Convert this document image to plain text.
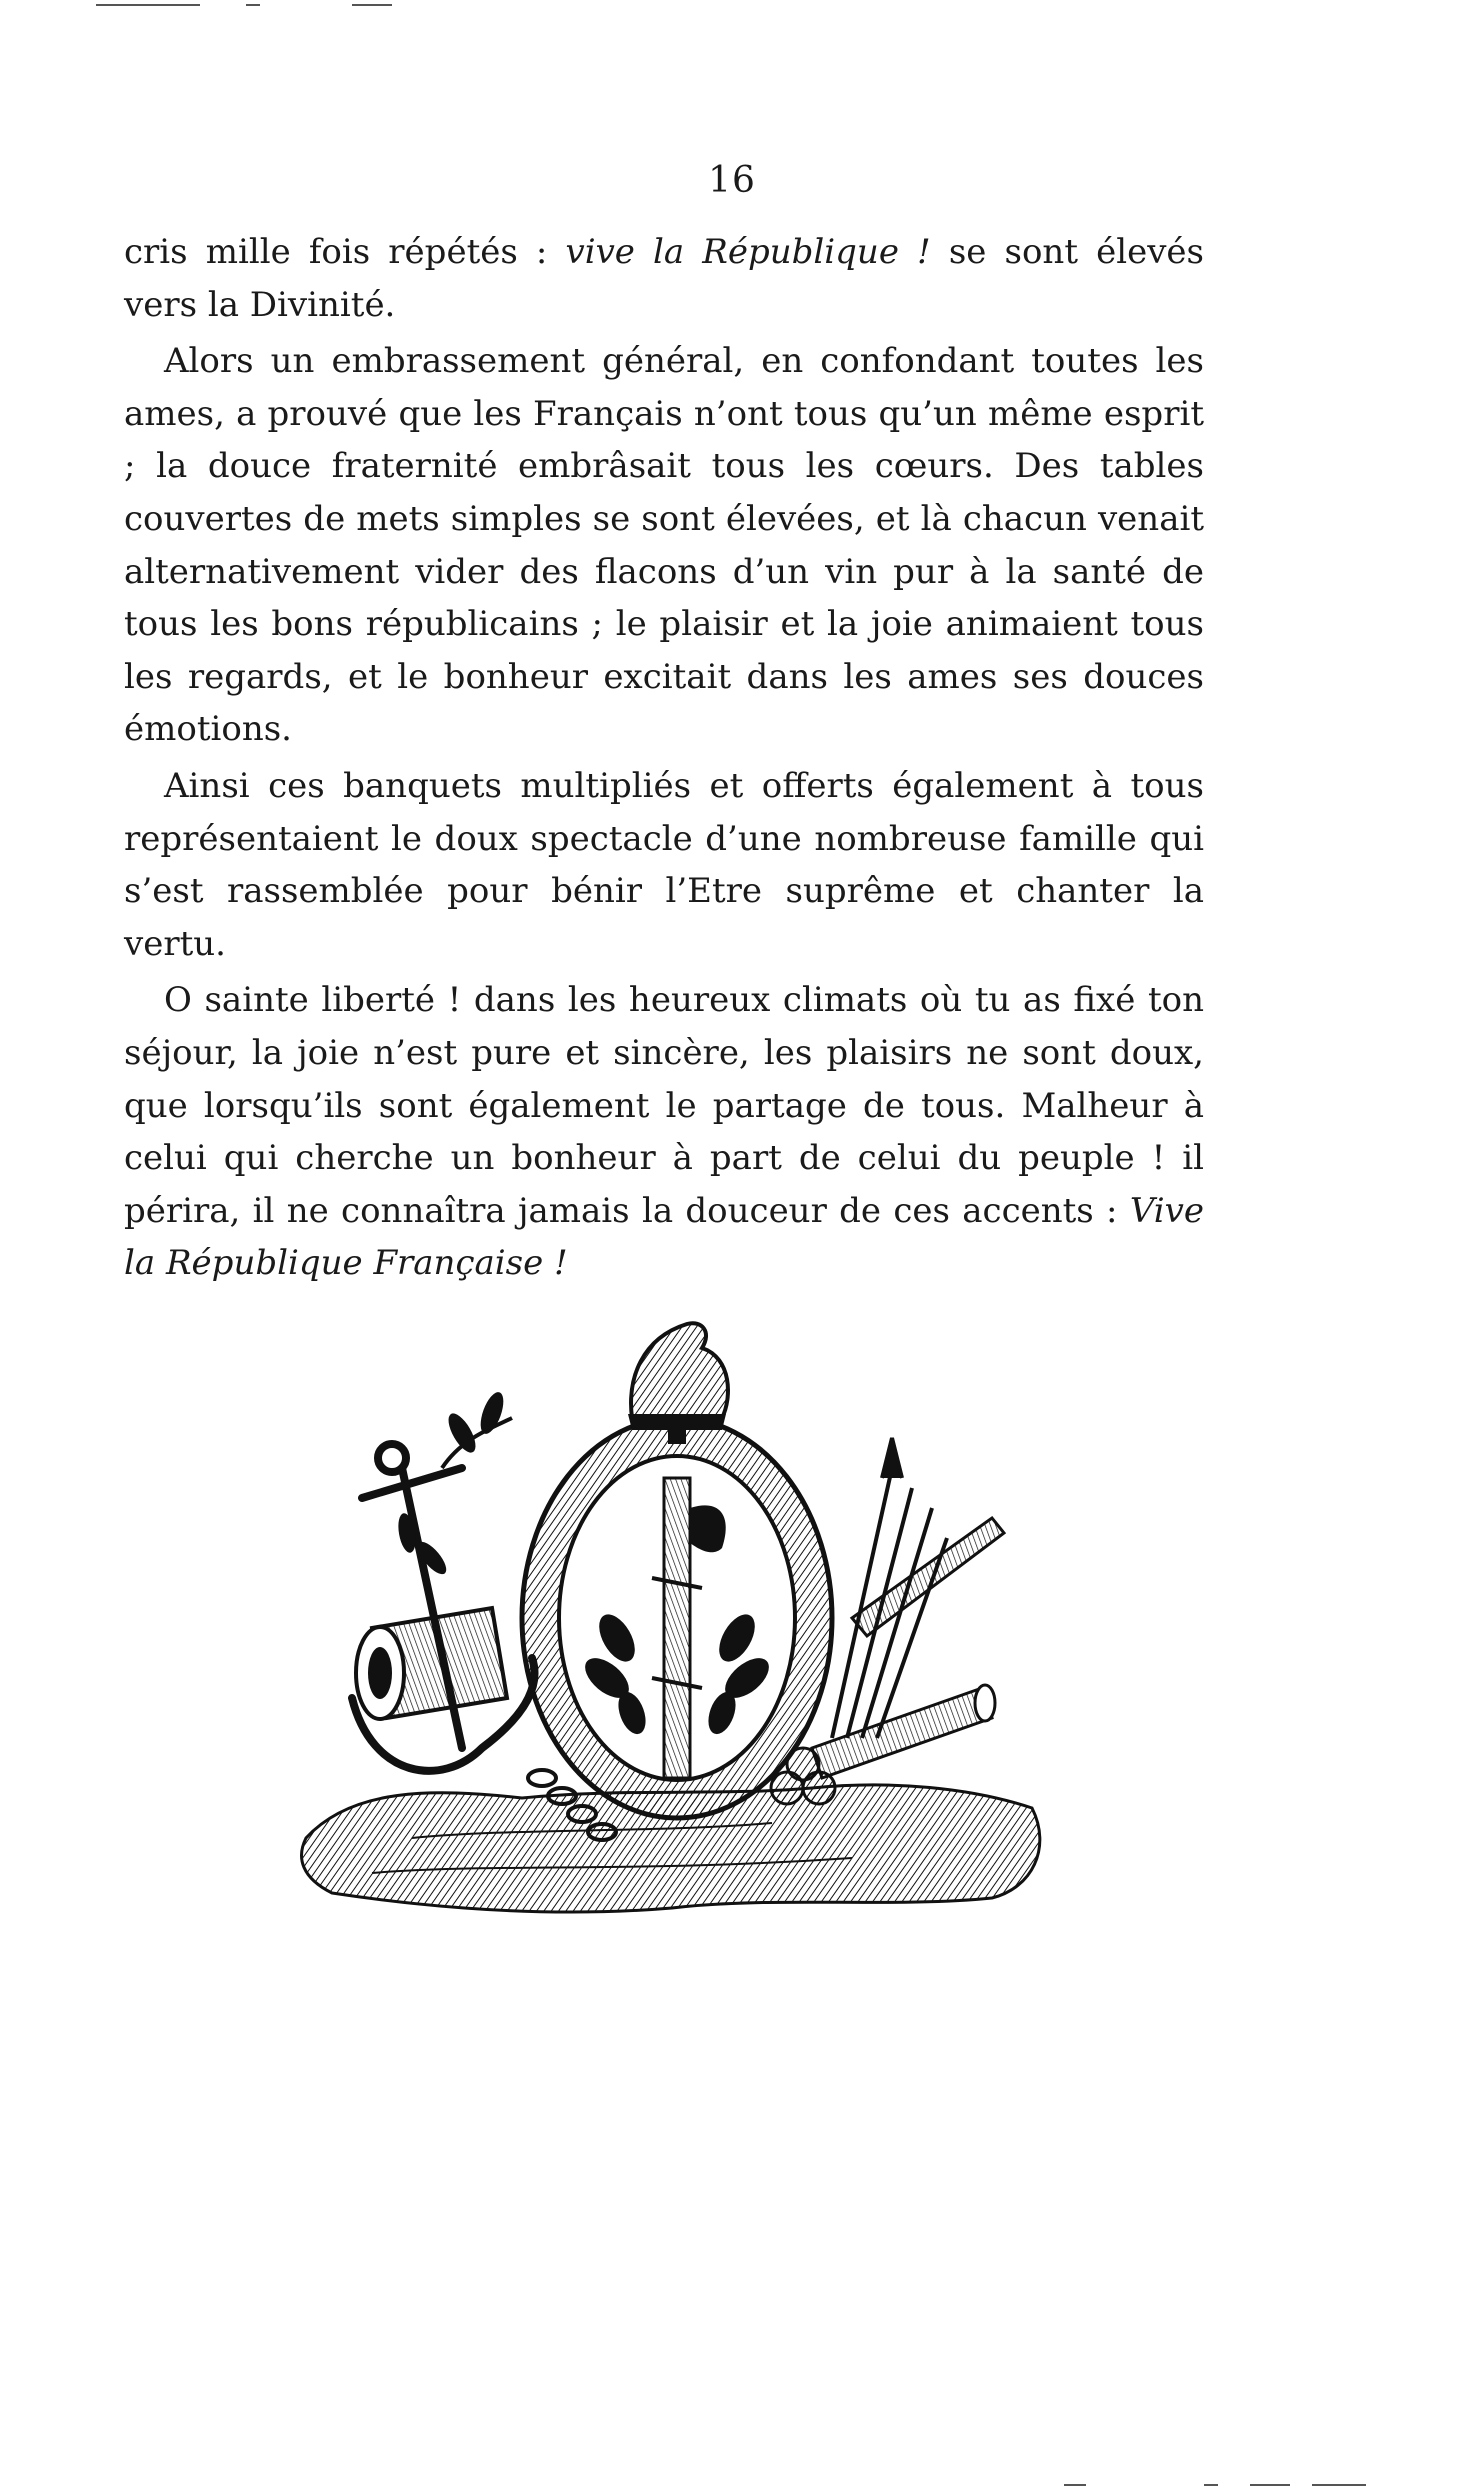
16

cris mille fois répétés : vive la République ! se sont élevés vers la Divinité.

Alors un embrassement général, en confondant toutes les ames, a prouvé que les Français n’ont tous qu’un même esprit ; la douce fraternité embrâsait tous les cœurs. Des tables couvertes de mets simples se sont élevées, et là chacun venait alternativement vider des flacons d’un vin pur à la santé de tous les bons républicains ; le plaisir et la joie animaient tous les regards, et le bonheur excitait dans les ames ses douces émotions.

Ainsi ces banquets multipliés et offerts également à tous représentaient le doux spectacle d’une nombreuse famille qui s’est rassemblée pour bénir l’Etre suprême et chanter la vertu.

O sainte liberté ! dans les heureux climats où tu as fixé ton séjour, la joie n’est pure et sincère, les plaisirs ne sont doux, que lorsqu’ils sont également le partage de tous. Malheur à celui qui cherche un bonheur à part de celui du peuple ! il périra, il ne connaîtra jamais la douceur de ces accents : Vive la République Française !
